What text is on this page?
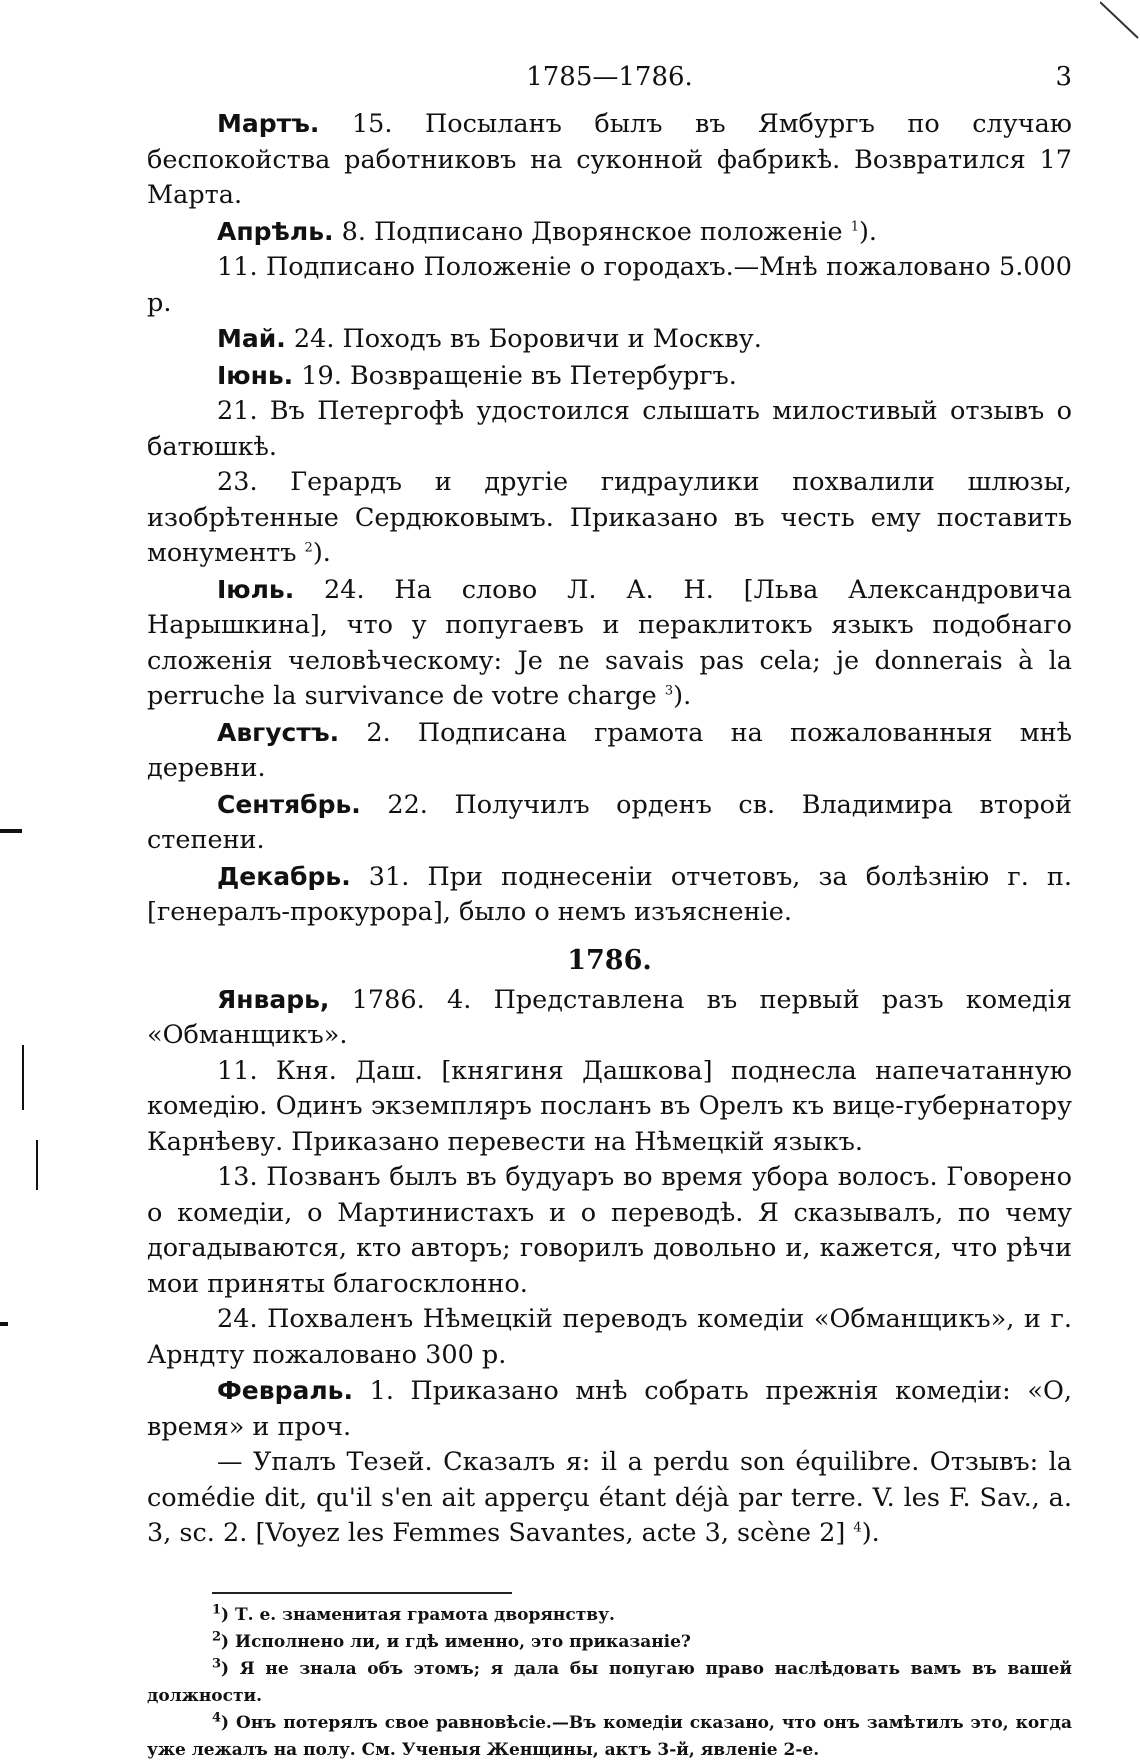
1785—1786.	3

Мартъ. 15. Посыланъ былъ въ Ямбургъ по случаю беспокойства работниковъ на суконной фабрикѣ. Возвратился 17 Марта.

Апрѣль. 8. Подписано Дворянское положеніе $^1$).

11. Подписано Положеніе о городахъ.—Мнѣ пожаловано 5.000 р.

Май. 24. Походъ въ Боровичи и Москву.

Іюнь. 19. Возвращеніе въ Петербургъ.

21. Въ Петергофѣ удостоился слышать милостивый отзывъ о батюшкѣ.

23. Герардъ и другіе гидраулики похвалили шлюзы, изобрѣтенные Сердюковымъ. Приказано въ честь ему поставить монументъ $^2$).

Іюль. 24. На слово Л. А. Н. [Льва Александровича Нарышкина], что у попугаевъ и пераклитокъ языкъ подобнаго сложенія человѣческому: Je ne savais pas cela; je donnerais à la perruche la survivance de votre charge $^3$).

Августъ. 2. Подписана грамота на пожалованныя мнѣ деревни.

Сентябрь. 22. Получилъ орденъ св. Владимира второй степени.

Декабрь. 31. При поднесеніи отчетовъ, за болѣзнію г. п. [генералъ-прокурора], было о немъ изъясненіе.

1786.

Январь, 1786. 4. Представлена въ первый разъ комедія «Обманщикъ».

11. Кня. Даш. [княгиня Дашкова] поднесла напечатанную комедію. Одинъ экземпляръ посланъ въ Орелъ къ вице-губернатору Карнѣеву. Приказано перевести на Нѣмецкій языкъ.

13. Позванъ былъ въ будуаръ во время убора волосъ. Говорено о комедіи, о Мартинистахъ и о переводѣ. Я сказывалъ, по чему догадываются, кто авторъ; говорилъ довольно и, кажется, что рѣчи мои приняты благосклонно.

24. Похваленъ Нѣмецкій переводъ комедіи «Обманщикъ», и г. Арндту пожаловано 300 р.

Февраль. 1. Приказано мнѣ собрать прежнія комедіи: «О, время» и проч.

— Упалъ Тезей. Сказалъ я: il a perdu son équilibre. Отзывъ: la comédie dit, qu'il s'en ait apperçu étant déjà par terre. V. les F. Sav., a. 3, sc. 2. [Voyez les Femmes Savantes, acte 3, scène 2] $^4$).

$^1$) Т. е. знаменитая грамота дворянству.

$^2$) Исполнено ли, и гдѣ именно, это приказаніе?

$^3$) Я не знала объ этомъ; я дала бы попугаю право наслѣдовать вамъ въ вашей должности.

$^4$) Онъ потерялъ свое равновѣсіе.—Въ комедіи сказано, что онъ замѣтилъ это, когда уже лежалъ на полу. См. Ученыя Женщины, актъ 3-й, явленіе 2-е.
